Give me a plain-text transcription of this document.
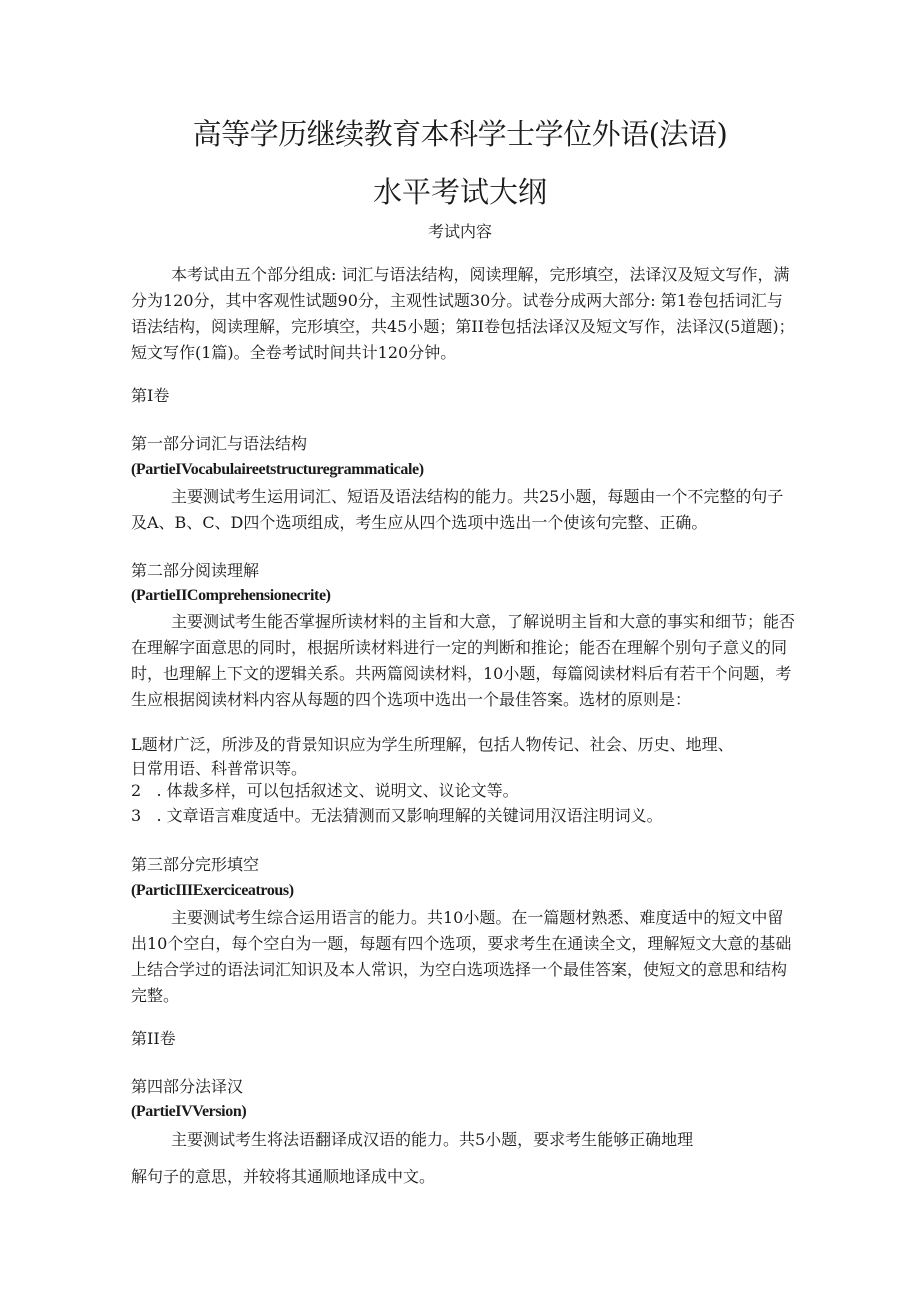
高等学历继续教育本科学士学位外语(法语)
水平考试大纲
考试内容
本考试由五个部分组成: 词汇与语法结构，阅读理解，完形填空，法译汉及短文写作，满分为120分，其中客观性试题90分，主观性试题30分。试卷分成两大部分: 第1卷包括词汇与语法结构，阅读理解，完形填空，共45小题；第II卷包括法译汉及短文写作，法译汉(5道题)；短文写作(1篇)。全卷考试时间共计120分钟。
第I卷
第一部分词汇与语法结构
(PartieIVocabulaireetstructuregrammaticale)
主要测试考生运用词汇、短语及语法结构的能力。共25小题，每题由一个不完整的句子及A、B、C、D四个选项组成，考生应从四个选项中选出一个使该句完整、正确。
第二部分阅读理解
(PartieIIComprehensionecrite)
主要测试考生能否掌握所读材料的主旨和大意，了解说明主旨和大意的事实和细节；能否在理解字面意思的同时，根据所读材料进行一定的判断和推论；能否在理解个别句子意义的同时，也理解上下文的逻辑关系。共两篇阅读材料，10小题，每篇阅读材料后有若干个问题，考生应根据阅读材料内容从每题的四个选项中选出一个最佳答案。选材的原则是：
L题材广泛，所涉及的背景知识应为学生所理解，包括人物传记、社会、历史、地理、
日常用语、科普常识等。
2 . 体裁多样，可以包括叙述文、说明文、议论文等。
3 . 文章语言难度适中。无法猜测而又影响理解的关键词用汉语注明词义。
第三部分完形填空
(ParticIIIExerciceatrous)
主要测试考生综合运用语言的能力。共10小题。在一篇题材熟悉、难度适中的短文中留出10个空白，每个空白为一题，每题有四个选项，要求考生在通读全文，理解短文大意的基础上结合学过的语法词汇知识及本人常识，为空白选项选择一个最佳答案，使短文的意思和结构完整。
第II卷
第四部分法译汉
(PartieIVVersion)
主要测试考生将法语翻译成汉语的能力。共5小题，要求考生能够正确地理
解句子的意思，并较将其通顺地译成中文。
